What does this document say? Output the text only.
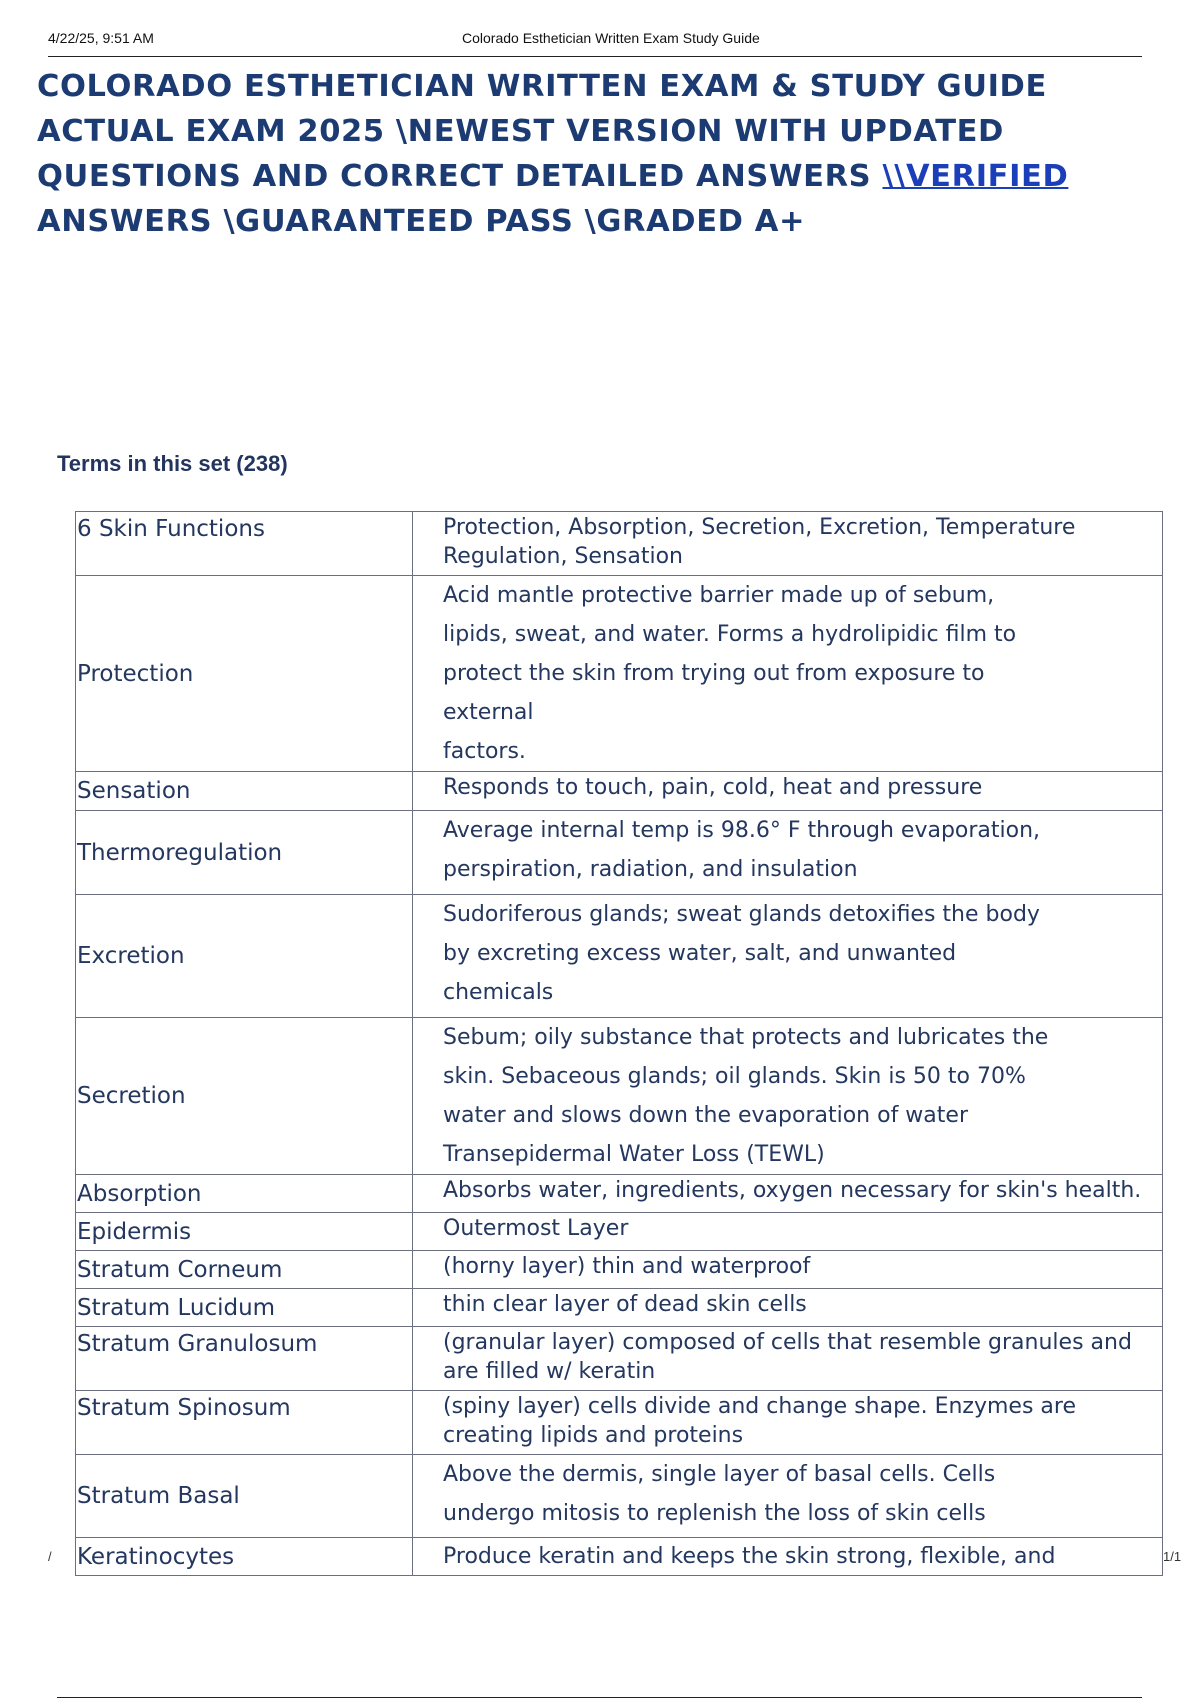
4/22/25, 9:51 AM	Colorado Esthetician Written Exam Study Guide
COLORADO ESTHETICIAN WRITTEN EXAM & STUDY GUIDE
ACTUAL EXAM 2025 \NEWEST VERSION WITH UPDATED
QUESTIONS AND CORRECT DETAILED ANSWERS \\VERIFIED
ANSWERS \GUARANTEED PASS \GRADED A+
Terms in this set (238)
6 Skin Functions	Protection, Absorption, Secretion, Excretion, Temperature
Regulation, Sensation
Protection	Acid mantle protective barrier made up of sebum,
lipids, sweat, and water. Forms a hydrolipidic film to
protect the skin from trying out from exposure to
external
factors.
Sensation	Responds to touch, pain, cold, heat and pressure
Thermoregulation	Average internal temp is 98.6° F through evaporation,
perspiration, radiation, and insulation
Excretion	Sudoriferous glands; sweat glands detoxifies the body
by excreting excess water, salt, and unwanted
chemicals
Secretion	Sebum; oily substance that protects and lubricates the
skin. Sebaceous glands; oil glands. Skin is 50 to 70%
water and slows down the evaporation of water
Transepidermal Water Loss (TEWL)
Absorption	Absorbs water, ingredients, oxygen necessary for skin's health.
Epidermis	Outermost Layer
Stratum Corneum	(horny layer) thin and waterproof
Stratum Lucidum	thin clear layer of dead skin cells
Stratum Granulosum	(granular layer) composed of cells that resemble granules and
are filled w/ keratin
Stratum Spinosum	(spiny layer) cells divide and change shape. Enzymes are
creating lipids and proteins
Stratum Basal	Above the dermis, single layer of basal cells. Cells
undergo mitosis to replenish the loss of skin cells
Keratinocytes	Produce keratin and keeps the skin strong, flexible, and
/	1/1
